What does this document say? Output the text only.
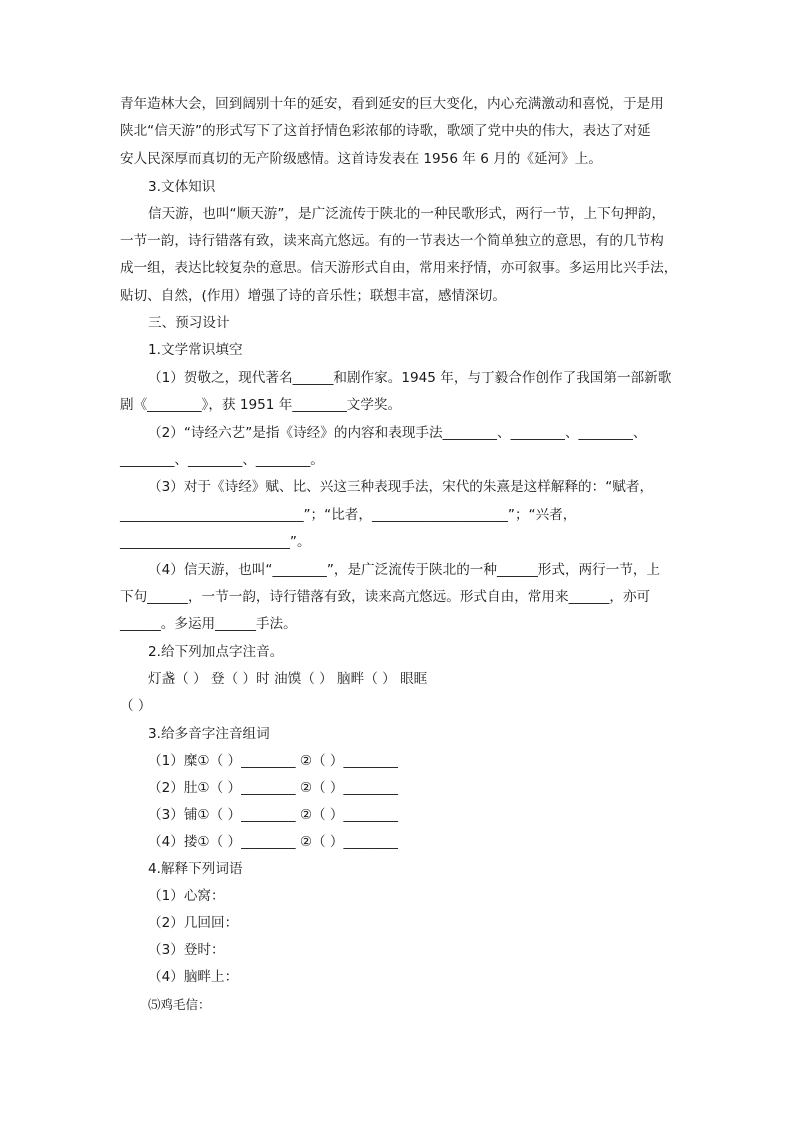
青年造林大会，回到阔别十年的延安，看到延安的巨大变化，内心充满激动和喜悦，于是用
陕北“信天游”的形式写下了这首抒情色彩浓郁的诗歌，歌颂了党中央的伟大，表达了对延
安人民深厚而真切的无产阶级感情。这首诗发表在 1956 年 6 月的《延河》上。
3.文体知识
信天游，也叫“顺天游”，是广泛流传于陕北的一种民歌形式，两行一节，上下句押韵，
一节一韵，诗行错落有致，读来高亢悠远。有的一节表达一个简单独立的意思，有的几节构
成一组，表达比较复杂的意思。信天游形式自由，常用来抒情，亦可叙事。多运用比兴手法，
贴切、自然，(作用）增强了诗的音乐性；联想丰富，感情深切。
三、预习设计
1.文学常识填空
（1）贺敬之，现代著名______和剧作家。1945 年，与丁毅合作创作了我国第一部新歌
剧《________》，获 1951 年________文学奖。
（2）“诗经六艺”是指《诗经》的内容和表现手法________、________、________、
________、________、________。
（3）对于《诗经》赋、比、兴这三种表现手法，宋代的朱熹是这样解释的：“赋者，
___________________________”；“比者，____________________”；“兴者，
_________________________”。
（4）信天游，也叫“________”，是广泛流传于陕北的一种______形式，两行一节，上
下句______，一节一韵，诗行错落有致，读来高亢悠远。形式自由，常用来______，亦可
______。多运用______手法。
2.给下列加点字注音。
灯盏（ ） 登（ ）时 油馍（ ） 脑畔（ ） 眼眶
（ ）
3.给多音字注音组词
（1）糜①（ ）________ ②（ ）________
（2）肚①（ ）________ ②（ ）________
（3）铺①（ ）________ ②（ ）________
（4）搂①（ ）________ ②（ ）________
4.解释下列词语
（1）心窝：
（2）几回回：
（3）登时：
（4）脑畔上：
⑸鸡毛信：
